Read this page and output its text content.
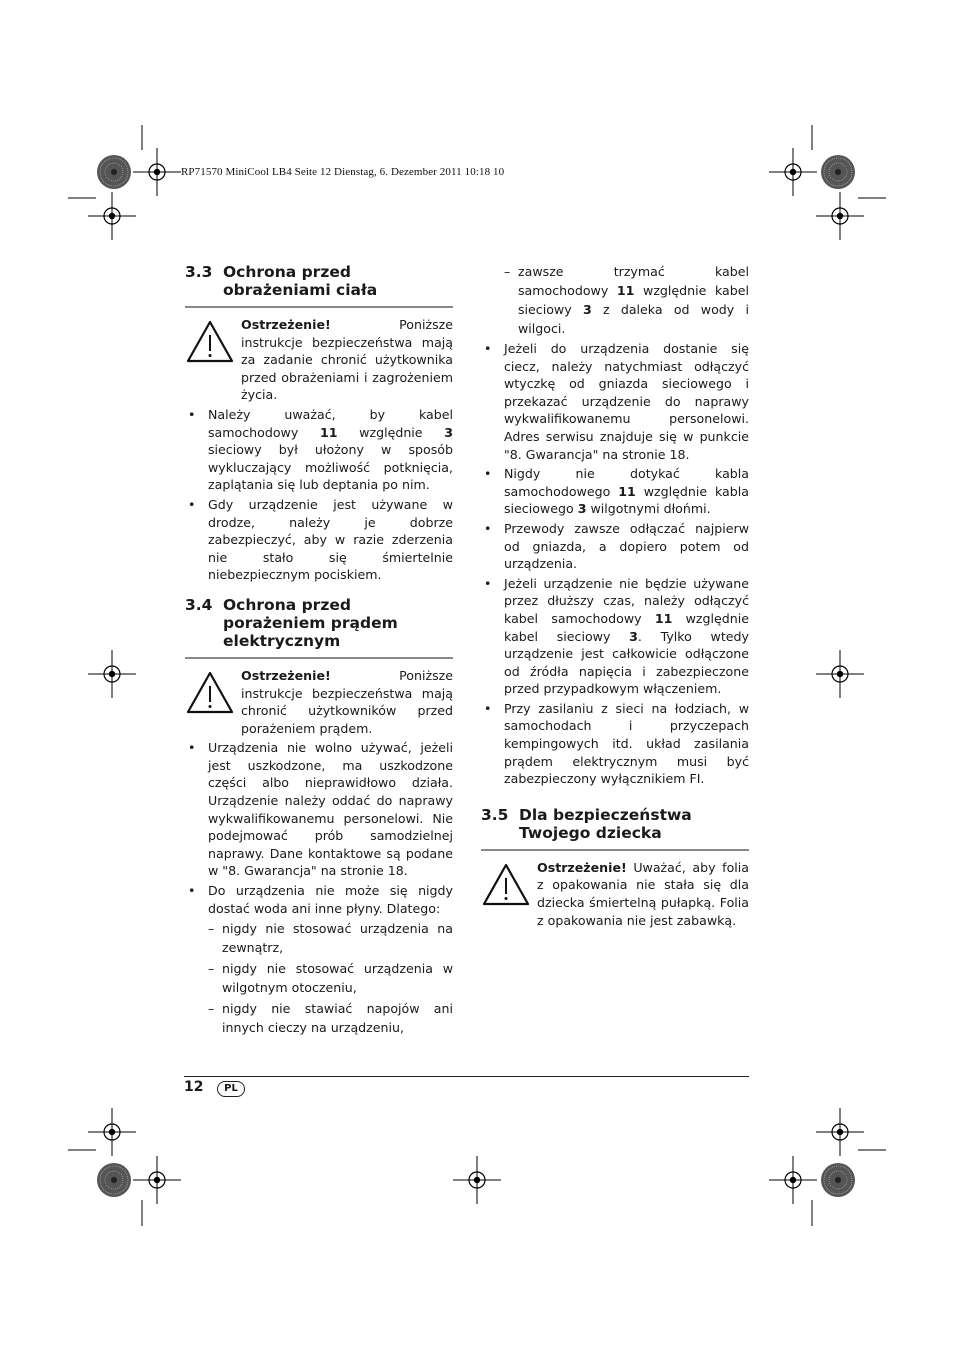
RP71570 MiniCool LB4 Seite 12 Dienstag, 6. Dezember 2011 10:18 10
3.3 Ochrona przed obrażeniami ciała
Ostrzeżenie! Poniższe instrukcje bezpieczeństwa mają za zadanie chronić użytkownika przed obrażeniami i zagrożeniem życia.
• Należy uważać, by kabel samochodowy 11 względnie 3 sieciowy był ułożony w sposób wykluczający możliwość potknięcia, zaplątania się lub deptania po nim.
• Gdy urządzenie jest używane w drodze, należy je dobrze zabezpieczyć, aby w razie zderzenia nie stało się śmiertelnie niebezpiecznym pociskiem.
3.4 Ochrona przed porażeniem prądem elektrycznym
Ostrzeżenie! Poniższe instrukcje bezpieczeństwa mają chronić użytkowników przed porażeniem prądem.
• Urządzenia nie wolno używać, jeżeli jest uszkodzone, ma uszkodzone części albo nieprawidłowo działa. Urządzenie należy oddać do naprawy wykwalifikowanemu personelowi. Nie podejmować prób samodzielnej naprawy. Dane kontaktowe są podane w "8. Gwarancja" na stronie 18.
• Do urządzenia nie może się nigdy dostać woda ani inne płyny. Dlatego:
– nigdy nie stosować urządzenia na zewnątrz,
– nigdy nie stosować urządzenia w wilgotnym otoczeniu,
– nigdy nie stawiać napojów ani innych cieczy na urządzeniu,
– zawsze trzymać kabel samochodowy 11 względnie kabel sieciowy 3 z daleka od wody i wilgoci.
• Jeżeli do urządzenia dostanie się ciecz, należy natychmiast odłączyć wtyczkę od gniazda sieciowego i przekazać urządzenie do naprawy wykwalifikowanemu personelowi. Adres serwisu znajduje się w punkcie "8. Gwarancja" na stronie 18.
• Nigdy nie dotykać kabla samochodowego 11 względnie kabla sieciowego 3 wilgotnymi dłońmi.
• Przewody zawsze odłączać najpierw od gniazda, a dopiero potem od urządzenia.
• Jeżeli urządzenie nie będzie używane przez dłuższy czas, należy odłączyć kabel samochodowy 11 względnie kabel sieciowy 3. Tylko wtedy urządzenie jest całkowicie odłączone od źródła napięcia i zabezpieczone przed przypadkowym włączeniem.
• Przy zasilaniu z sieci na łodziach, w samochodach i przyczepach kempingowych itd. układ zasilania prądem elektrycznym musi być zabezpieczony wyłącznikiem FI.
3.5 Dla bezpieczeństwa Twojego dziecka
Ostrzeżenie! Uważać, aby folia z opakowania nie stała się dla dziecka śmiertelną pułapką. Folia z opakowania nie jest zabawką.
12	PL
